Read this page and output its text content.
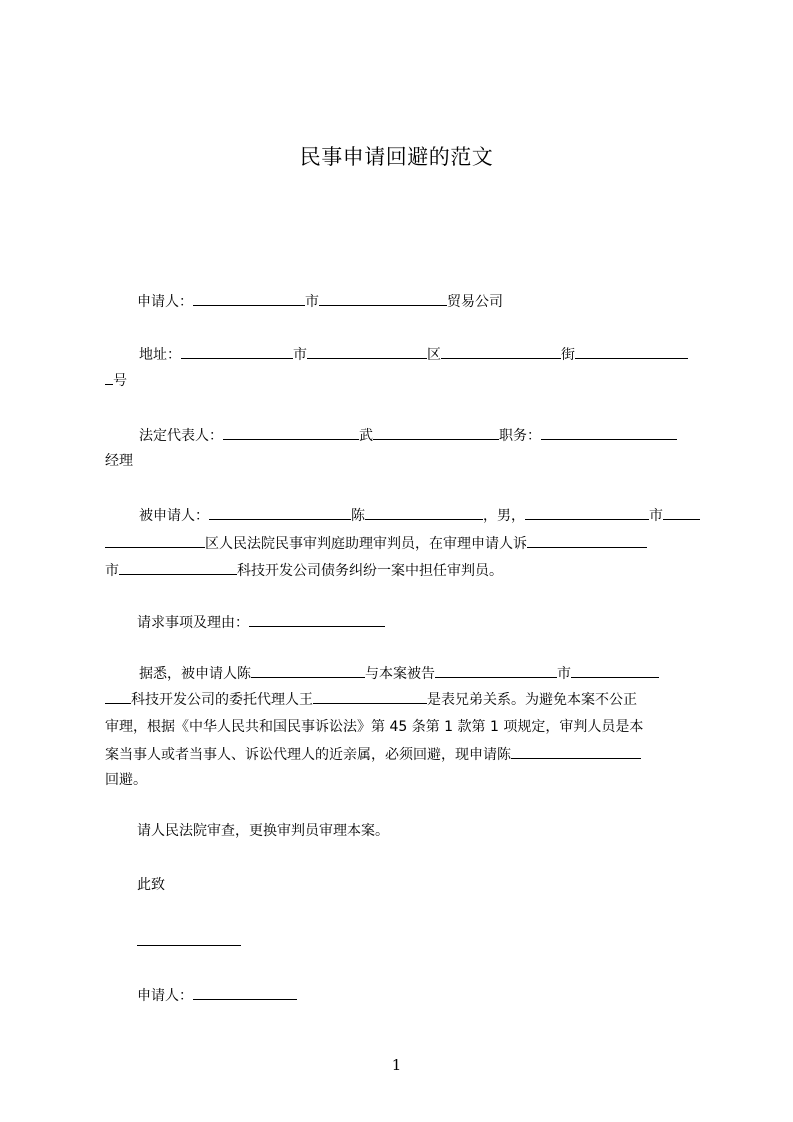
民事申请回避的范文
申请人：	市	贸易公司
地址：	市	区	街
号
法定代表人：	武	职务：
经理
被申请人：	陈	，男，	市
区人民法院民事审判庭助理审判员，在审理申请人诉
市	科技开发公司债务纠纷一案中担任审判员。
请求事项及理由：
据悉，被申请人陈	与本案被告	市
科技开发公司的委托代理人王	是表兄弟关系。为避免本案不公正
审理，根据《中华人民共和国民事诉讼法》第 45 条第 1 款第 1 项规定，审判人员是本
案当事人或者当事人、诉讼代理人的近亲属，必须回避，现申请陈
回避。
请人民法院审查，更换审判员审理本案。
此致
申请人：
1
